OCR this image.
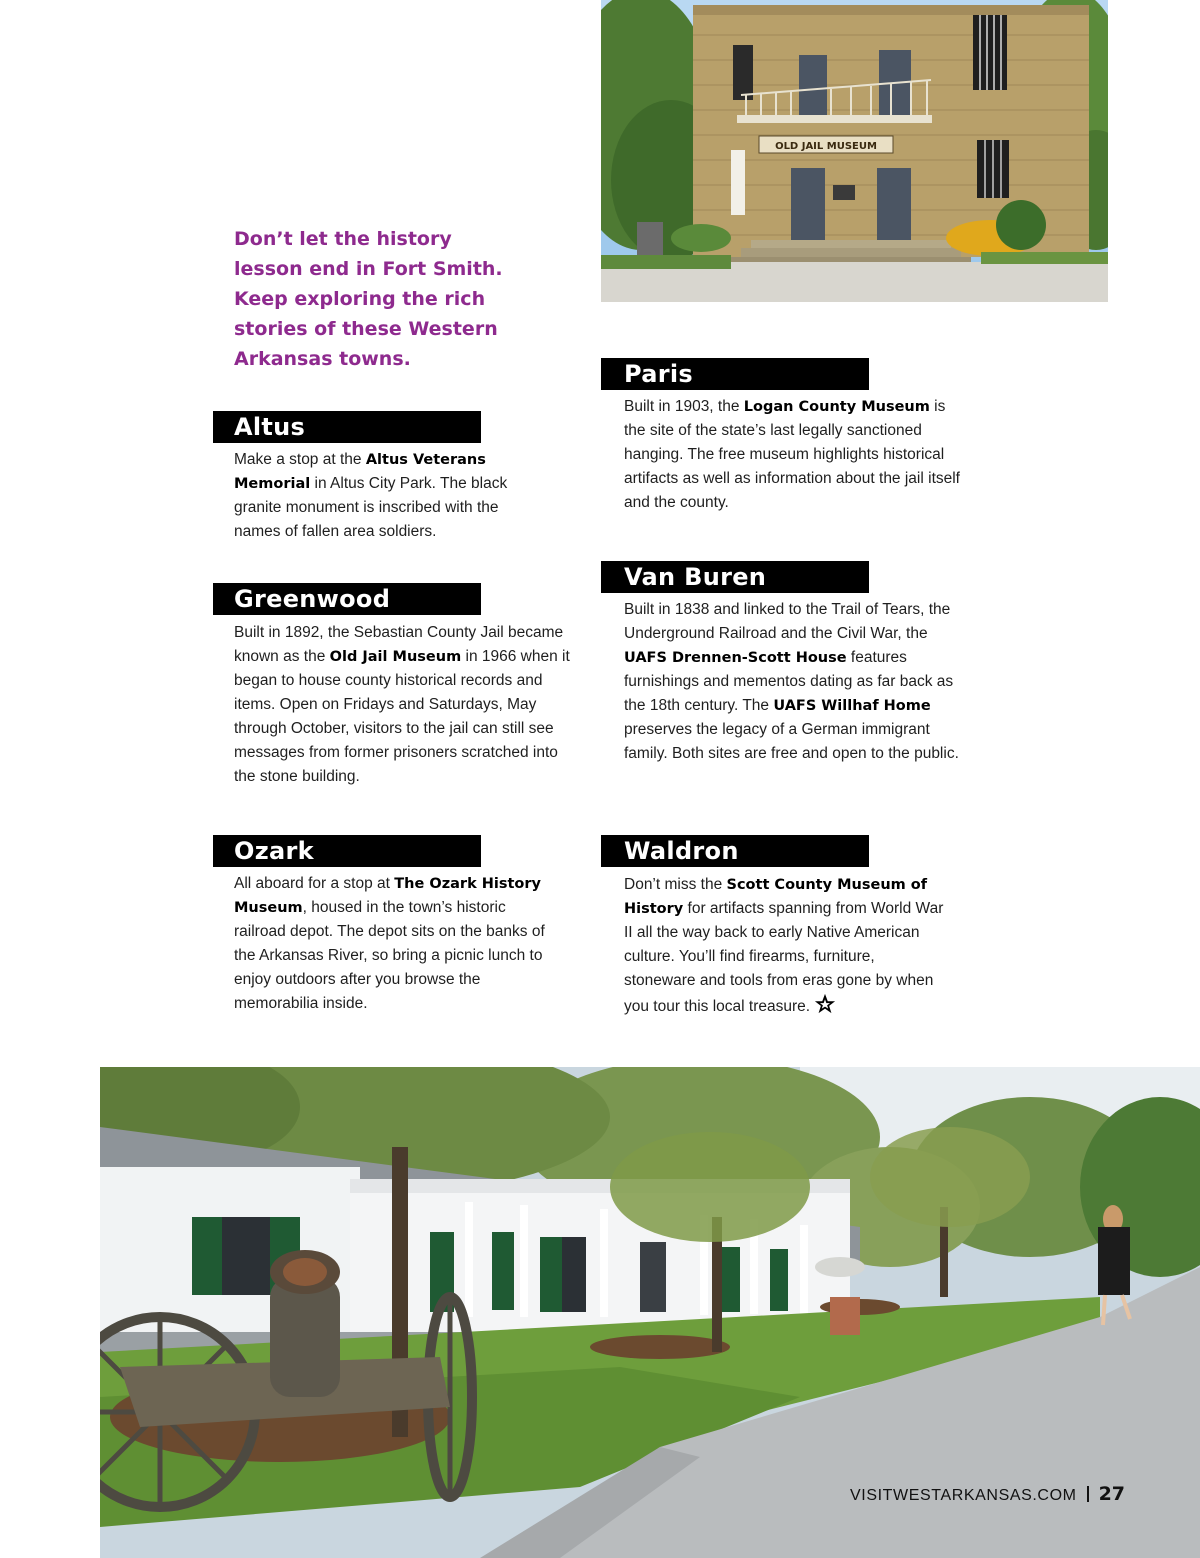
OLD JAIL MUSEUM
Don’t let the history
lesson end in Fort Smith.
Keep exploring the rich
stories of these Western
Arkansas towns.
Altus
Make a stop at the Altus Veterans Memorial in Altus City Park. The black granite monument is inscribed with the names of fallen area soldiers.
Greenwood
Built in 1892, the Sebastian County Jail became known as the Old Jail Museum in 1966 when it began to house county historical records and items. Open on Fridays and Saturdays, May through October, visitors to the jail can still see messages from former prisoners scratched into the stone building.
Ozark
All aboard for a stop at The Ozark History Museum, housed in the town’s historic railroad depot. The depot sits on the banks of the Arkansas River, so bring a picnic lunch to enjoy outdoors after you browse the memorabilia inside.
Paris
Built in 1903, the Logan County Museum is the site of the state’s last legally sanctioned hanging. The free museum highlights historical artifacts as well as information about the jail itself and the county.
Van Buren
Built in 1838 and linked to the Trail of Tears, the Underground Railroad and the Civil War, the UAFS Drennen-Scott House features furnishings and mementos dating as far back as the 18th century. The UAFS Willhaf Home preserves the legacy of a German immigrant family. Both sites are free and open to the public.
Waldron
Don’t miss the Scott County Museum of History for artifacts spanning from World War II all the way back to early Native American culture. You’ll find firearms, furniture, stoneware and tools from eras gone by when you tour this local treasure.
VISITWESTARKANSAS.COM 27
